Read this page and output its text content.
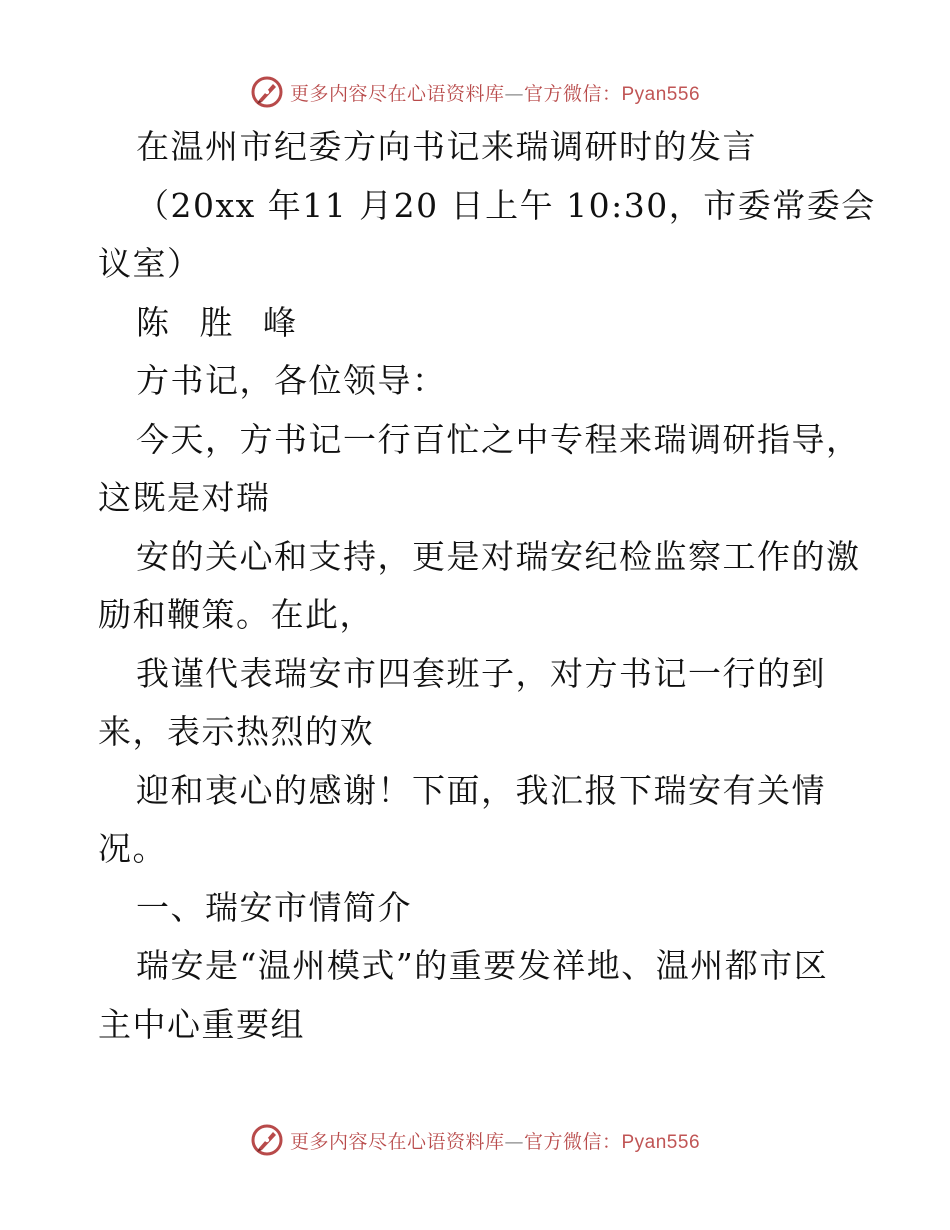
更多内容尽在心语资料库—官方微信：Pyan556
在温州市纪委方向书记来瑞调研时的发言
（20xx 年11 月20 日上午 10:30，市委常委会
议室）
陈 胜 峰
方书记，各位领导：
今天，方书记一行百忙之中专程来瑞调研指导，
这既是对瑞
安的关心和支持，更是对瑞安纪检监察工作的激
励和鞭策。在此，
我谨代表瑞安市四套班子，对方书记一行的到
来，表示热烈的欢
迎和衷心的感谢！下面，我汇报下瑞安有关情
况。
一、瑞安市情简介
瑞安是“温州模式”的重要发祥地、温州都市区
主中心重要组
更多内容尽在心语资料库—官方微信：Pyan556
